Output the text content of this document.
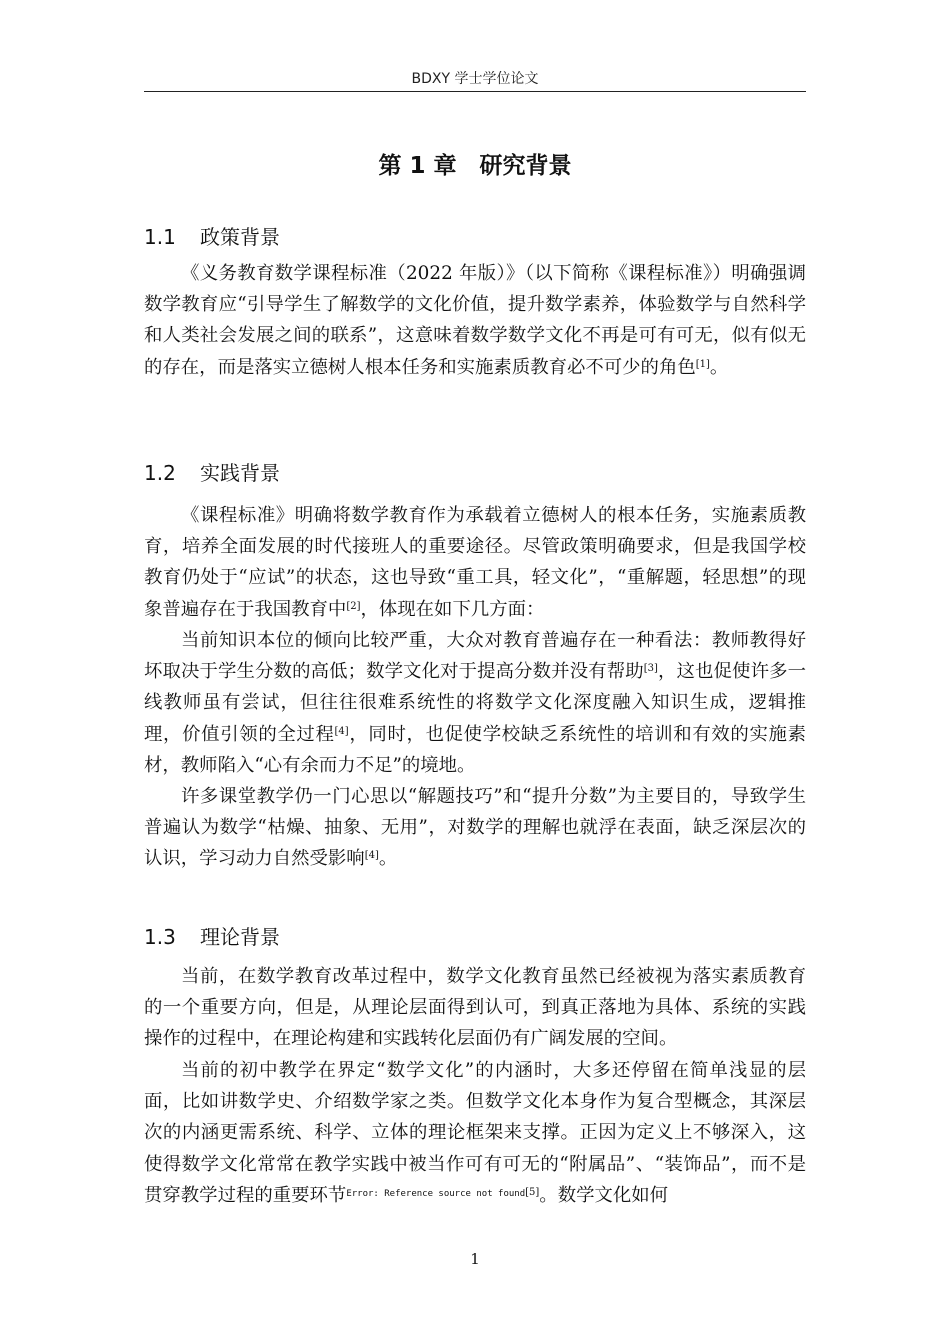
BDXY 学士学位论文
第 1 章　研究背景
1.1 政策背景

《义务教育数学课程标准（2022 年版）》（以下简称《课程标准》）明确强调数学教育应“引导学生了解数学的文化价值，提升数学素养，体验数学与自然科学和人类社会发展之间的联系”，这意味着数学数学文化不再是可有可无，似有似无的存在，而是落实立德树人根本任务和实施素质教育必不可少的角色[1]。

1.2 实践背景

《课程标准》明确将数学教育作为承载着立德树人的根本任务，实施素质教育，培养全面发展的时代接班人的重要途径。尽管政策明确要求，但是我国学校教育仍处于“应试”的状态，这也导致“重工具，轻文化”，“重解题，轻思想”的现象普遍存在于我国教育中[2]，体现在如下几方面：

当前知识本位的倾向比较严重，大众对教育普遍存在一种看法：教师教得好坏取决于学生分数的高低；数学文化对于提高分数并没有帮助[3]，这也促使许多一线教师虽有尝试，但往往很难系统性的将数学文化深度融入知识生成，逻辑推理，价值引领的全过程[4]，同时，也促使学校缺乏系统性的培训和有效的实施素材，教师陷入“心有余而力不足”的境地。

许多课堂教学仍一门心思以“解题技巧”和“提升分数”为主要目的，导致学生普遍认为数学“枯燥、抽象、无用”，对数学的理解也就浮在表面，缺乏深层次的认识，学习动力自然受影响[4]。

1.3 理论背景

当前，在数学教育改革过程中，数学文化教育虽然已经被视为落实素质教育的一个重要方向，但是，从理论层面得到认可，到真正落地为具体、系统的实践操作的过程中，在理论构建和实践转化层面仍有广阔发展的空间。

当前的初中教学在界定“数学文化”的内涵时，大多还停留在简单浅显的层面，比如讲数学史、介绍数学家之类。但数学文化本身作为复合型概念，其深层次的内涵更需系统、科学、立体的理论框架来支撑。正因为定义上不够深入，这使得数学文化常常在教学实践中被当作可有可无的“附属品”、“装饰品”，而不是贯穿教学过程的重要环节$^{Error: Reference source not found[5]}$。数学文化如何

1
